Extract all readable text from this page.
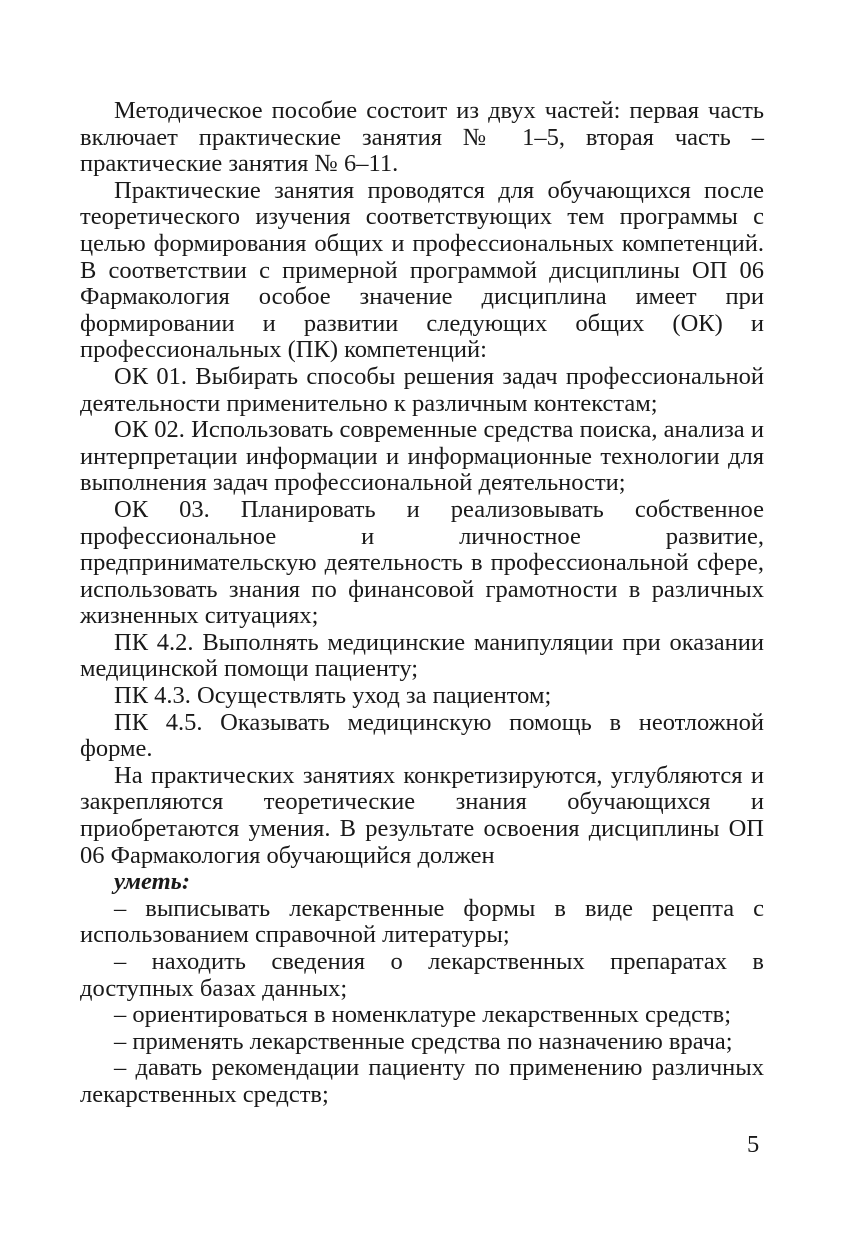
Методическое пособие состоит из двух частей: первая часть включает практические занятия № 1–5, вторая часть – практические занятия № 6–11.

Практические занятия проводятся для обучающихся после теоретического изучения соответствующих тем программы с целью формирования общих и профессиональных компетенций. В соответствии с примерной программой дисциплины ОП 06 Фармакология особое значение дисциплина имеет при формировании и развитии следующих общих (ОК) и профессиональных (ПК) компетенций:

ОК 01. Выбирать способы решения задач профессиональной деятельности применительно к различным контекстам;

ОК 02. Использовать современные средства поиска, анализа и интерпретации информации и информационные технологии для выполнения задач профессиональной деятельности;

ОК 03. Планировать и реализовывать собственное профессиональное и личностное развитие, предпринимательскую деятельность в профессиональной сфере, использовать знания по финансовой грамотности в различных жизненных ситуациях;

ПК 4.2. Выполнять медицинские манипуляции при оказании медицинской помощи пациенту;

ПК 4.3. Осуществлять уход за пациентом;

ПК 4.5. Оказывать медицинскую помощь в неотложной форме.

На практических занятиях конкретизируются, углубляются и закрепляются теоретические знания обучающихся и приобретаются умения. В результате освоения дисциплины ОП 06 Фармакология обучающийся должен

уметь:

– выписывать лекарственные формы в виде рецепта с использованием справочной литературы;

– находить сведения о лекарственных препаратах в доступных базах данных;

– ориентироваться в номенклатуре лекарственных средств;

– применять лекарственные средства по назначению врача;

– давать рекомендации пациенту по применению различных лекарственных средств;

5
